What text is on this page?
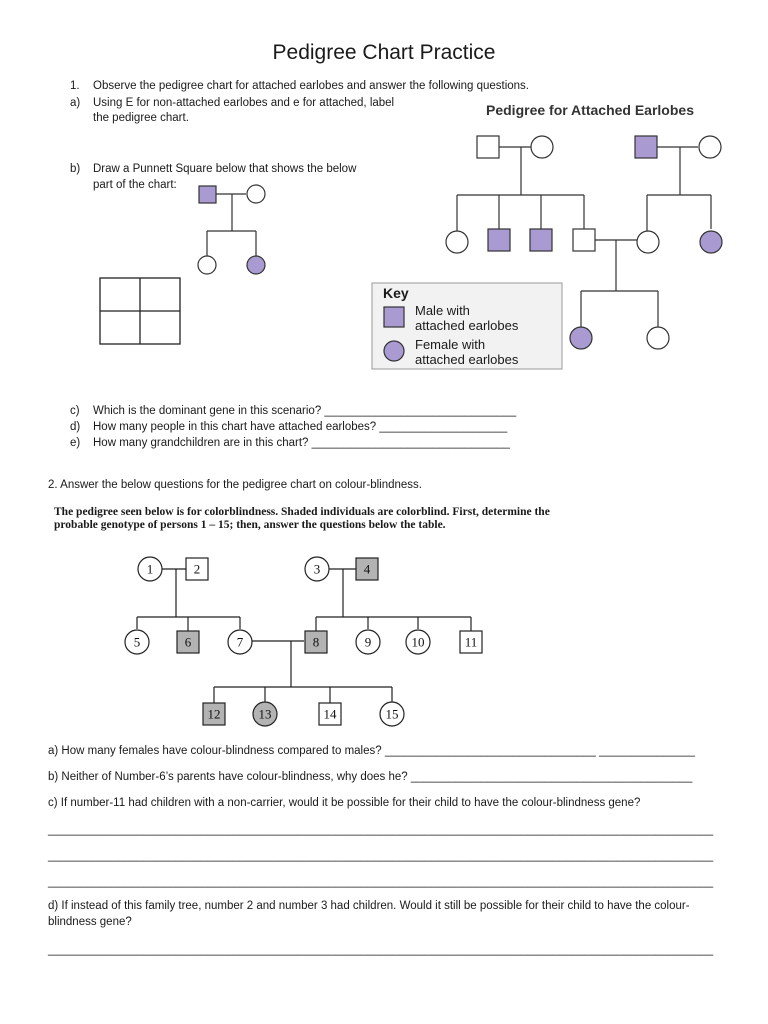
Pedigree Chart Practice
1. Observe the pedigree chart for attached earlobes and answer the following questions.
a) Using E for non-attached earlobes and e for attached, label
the pedigree chart.
b) Draw a Punnett Square below that shows the below
part of the chart:
Pedigree for Attached Earlobes
Key
Male with
attached earlobes
Female with
attached earlobes
c) Which is the dominant gene in this scenario? ______________________________
d) How many people in this chart have attached earlobes? ____________________
e) How many grandchildren are in this chart? _______________________________
2. Answer the below questions for the pedigree chart on colour-blindness.
The pedigree seen below is for colorblindness. Shaded individuals are colorblind. First, determine the
probable genotype of persons 1 – 15; then, answer the questions below the table.
1	2	3	4
5	6	7	8	9	10	11
12	13	14	15
a) How many females have colour-blindness compared to males? _________________________________ _______________
b) Neither of Number-6’s parents have colour-blindness, why does he? ____________________________________________
c) If number-11 had children with a non-carrier, would it be possible for their child to have the colour-blindness gene?
________________________________________________________________________________________________________
________________________________________________________________________________________________________
________________________________________________________________________________________________________
d) If instead of this family tree, number 2 and number 3 had children. Would it still be possible for their child to have the colour-
blindness gene?
________________________________________________________________________________________________________
